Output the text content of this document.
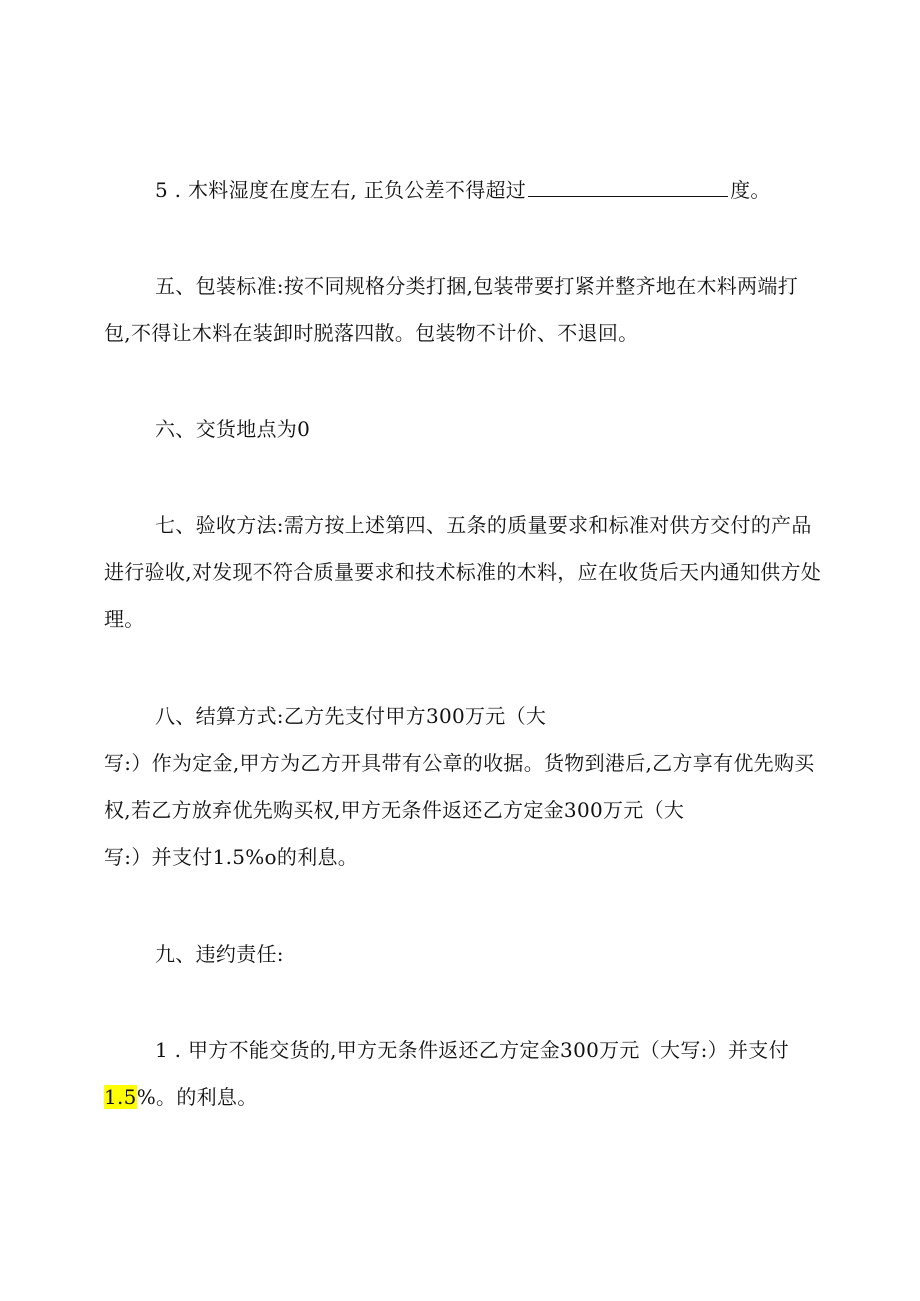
5 . 木料湿度在度左右, 正负公差不得超过	度。
五、包装标准:按不同规格分类打捆,包装带要打紧并整齐地在木料两端打
包,不得让木料在装卸时脱落四散。包装物不计价、不退回。
六、交货地点为0
七、验收方法:需方按上述第四、五条的质量要求和标准对供方交付的产品
进行验收,对发现不符合质量要求和技术标准的木料，应在收货后天内通知供方处
理。
八、结算方式:乙方先支付甲方300万元（大
写:）作为定金,甲方为乙方开具带有公章的收据。货物到港后,乙方享有优先购买
权,若乙方放弃优先购买权,甲方无条件返还乙方定金300万元（大
写:）并支付1.5%o的利息。
九、违约责任:
1 . 甲方不能交货的,甲方无条件返还乙方定金300万元（大写:）并支付
1.5%。的利息。
